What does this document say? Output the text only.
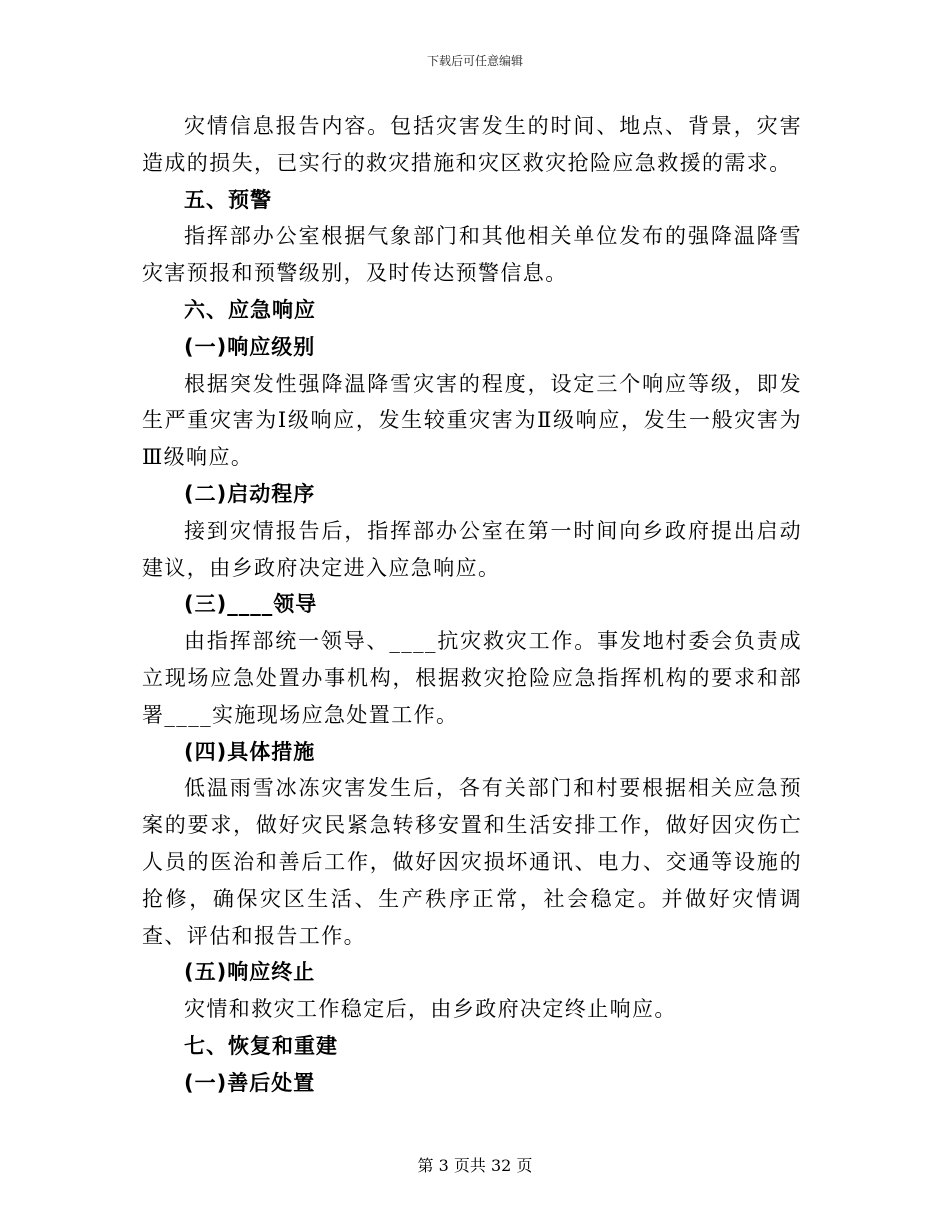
下载后可任意编辑

灾情信息报告内容。包括灾害发生的时间、地点、背景，灾害造成的损失，已实行的救灾措施和灾区救灾抢险应急救援的需求。

五、预警

指挥部办公室根据气象部门和其他相关单位发布的强降温降雪灾害预报和预警级别，及时传达预警信息。

六、应急响应

(一)响应级别

根据突发性强降温降雪灾害的程度，设定三个响应等级，即发生严重灾害为Ⅰ级响应，发生较重灾害为Ⅱ级响应，发生一般灾害为Ⅲ级响应。

(二)启动程序

接到灾情报告后，指挥部办公室在第一时间向乡政府提出启动建议，由乡政府决定进入应急响应。

(三)____领导

由指挥部统一领导、____抗灾救灾工作。事发地村委会负责成立现场应急处置办事机构，根据救灾抢险应急指挥机构的要求和部署____实施现场应急处置工作。

(四)具体措施

低温雨雪冰冻灾害发生后，各有关部门和村要根据相关应急预案的要求，做好灾民紧急转移安置和生活安排工作，做好因灾伤亡人员的医治和善后工作，做好因灾损坏通讯、电力、交通等设施的抢修，确保灾区生活、生产秩序正常，社会稳定。并做好灾情调查、评估和报告工作。

(五)响应终止

灾情和救灾工作稳定后，由乡政府决定终止响应。

七、恢复和重建

(一)善后处置

第 3 页共 32 页
